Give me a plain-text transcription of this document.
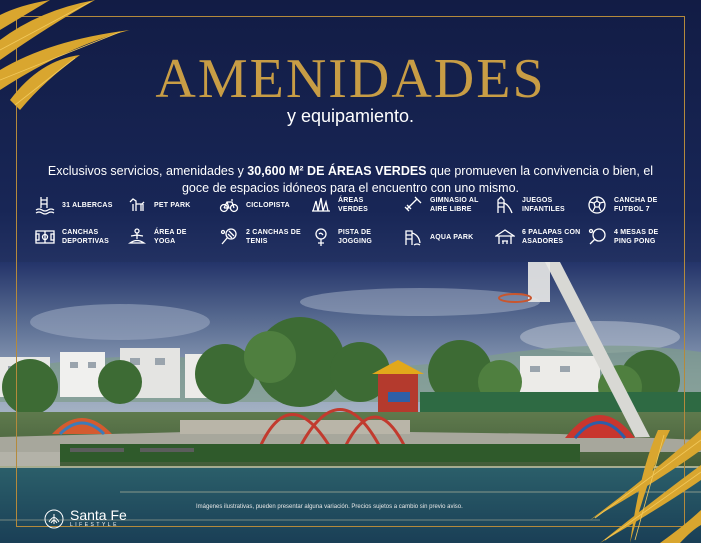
AMENIDADES
y equipamiento.

Exclusivos servicios, amenidades y 30,600 M² DE ÁREAS VERDES que promueven la convivencia o bien, el goce de espacios idóneos para el encuentro con uno mismo.

31 ALBERCAS	PET PARK	CICLOPISTA
ÁREAS
VERDES
GIMNASIO AL
AIRE LIBRE
JUEGOS
INFANTILES
CANCHA DE
FUTBOL 7
CANCHAS
DEPORTIVAS
ÁREA DE
YOGA
2 CANCHAS DE
TENIS
PISTA DE
JOGGING
AQUA PARK
6 PALAPAS CON
ASADORES
4 MESAS DE
PING PONG
Santa Fe
LIFESTYLE
Imágenes ilustrativas, pueden presentar alguna variación. Precios sujetos a cambio sin previo aviso.
